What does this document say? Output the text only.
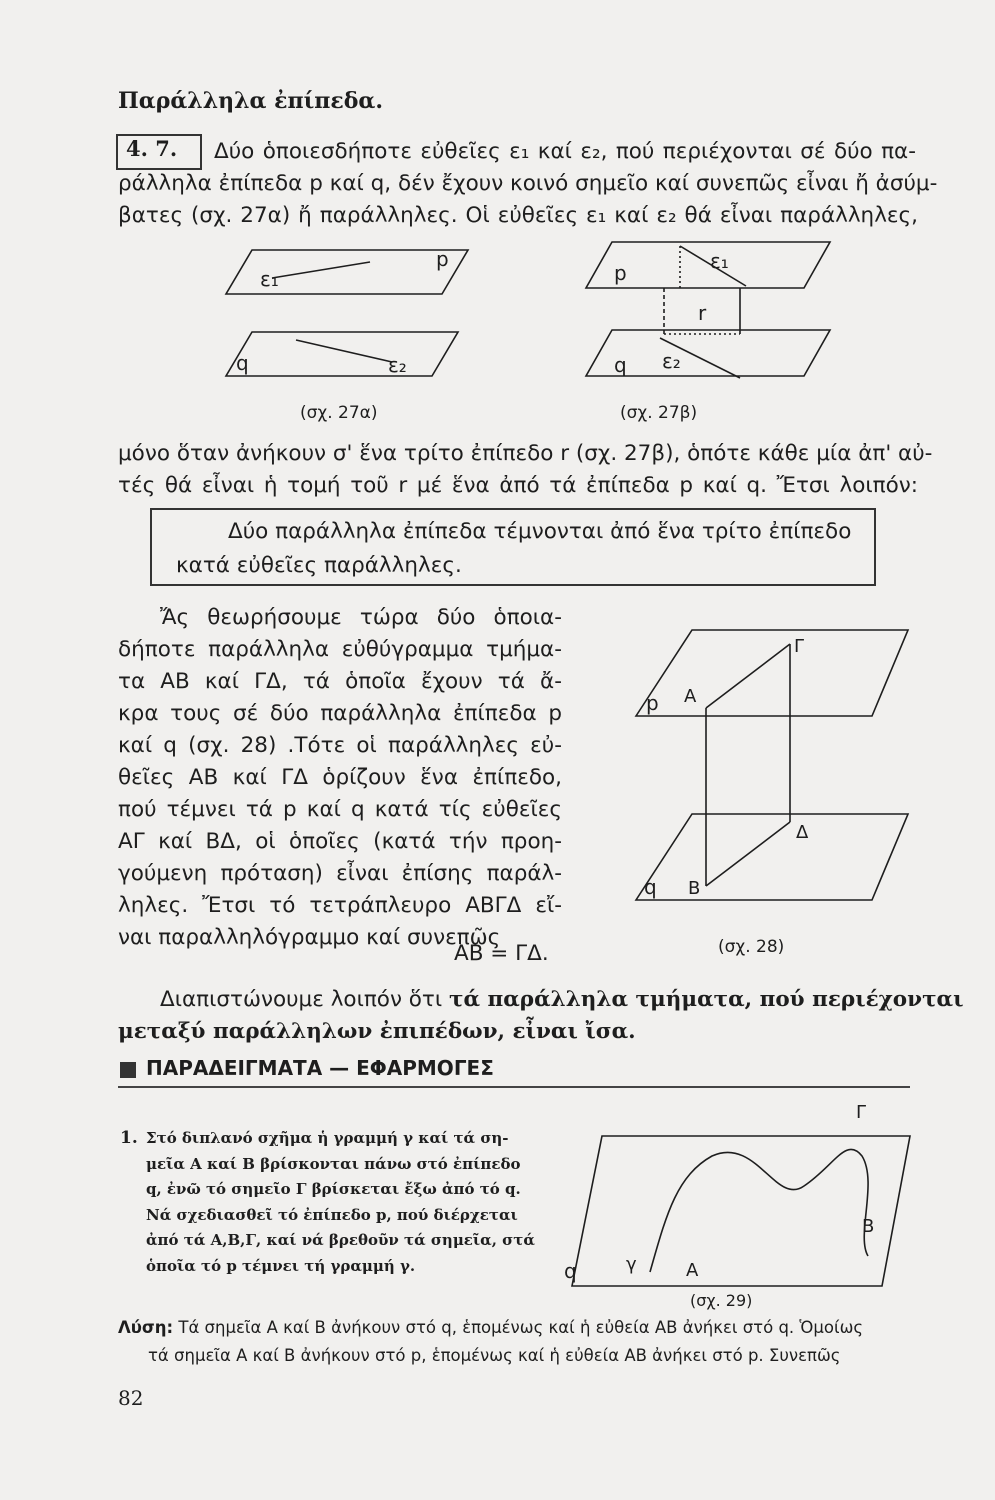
Παράλληλα ἐπίπεδα.
4. 7. Δύο ὁποιεσδήποτε εὐθεῖες ε₁ καί ε₂, πού περιέχονται σέ δύο πα-
ράλληλα ἐπίπεδα p καί q, δέν ἔχουν κοινό σημεῖο καί συνεπῶς εἶναι ἤ ἀσύμ-
βατες (σχ. 27α) ἤ παράλληλες. Οἱ εὐθεῖες ε₁ καί ε₂ θά εἶναι παράλληλες,
ε₁
p
ε₂
q
(σχ. 27α)
p	ε₁
r
q ε₂
(σχ. 27β)
μόνο ὅταν ἀνήκουν σ' ἕνα τρίτο ἐπίπεδο r (σχ. 27β), ὁπότε κάθε μία ἀπ' αὐ-
τές θά εἶναι ἡ τομή τοῦ r μέ ἕνα ἀπό τά ἐπίπεδα p καί q. Ἔτσι λοιπόν:
Δύο παράλληλα ἐπίπεδα τέμνονται ἀπό ἕνα τρίτο ἐπίπεδο
κατά εὐθεῖες παράλληλες.
Ἄς θεωρήσουμε τώρα δύο ὁποια-
δήποτε παράλληλα εὐθύγραμμα τμήμα-
τα ΑΒ καί ΓΔ, τά ὁποῖα ἔχουν τά ἄ-
κρα τους σέ δύο παράλληλα ἐπίπεδα p
καί q (σχ. 28) .Τότε οἱ παράλληλες εὐ-
θεῖες ΑΒ καί ΓΔ ὁρίζουν ἕνα ἐπίπεδο,
πού τέμνει τά p καί q κατά τίς εὐθεῖες
ΑΓ καί ΒΔ, οἱ ὁποῖες (κατά τήν προη-
γούμενη πρόταση) εἶναι ἐπίσης παράλ-
ληλες. Ἔτσι τό τετράπλευρο ΑΒΓΔ εἴ-
ναι παραλληλόγραμμο καί συνεπῶς
ΑΒ = ΓΔ.
p Α
Γ
Δ
Β
q
(σχ. 28)
Διαπιστώνουμε λοιπόν ὅτι τά παράλληλα τμήματα, πού περιέχονται
μεταξύ παράλληλων ἐπιπέδων, εἶναι ἴσα.
ΠΑΡΑΔΕΙΓΜΑΤΑ — ΕΦΑΡΜΟΓΕΣ
1. Στό διπλανό σχῆμα ἡ γραμμή γ καί τά ση-
μεῖα Α καί Β βρίσκονται πάνω στό ἐπίπεδο
q, ἐνῶ τό σημεῖο Γ βρίσκεται ἔξω ἀπό τό q.
Νά σχεδιασθεῖ τό ἐπίπεδο p, πού διέρχεται
ἀπό τά Α,Β,Γ, καί νά βρεθοῦν τά σημεῖα, στά
ὁποῖα τό p τέμνει τή γραμμή γ.
Γ
Β
γ	Α
q
(σχ. 29)
Λύση: Τά σημεῖα Α καί Β ἀνήκουν στό q, ἑπομένως καί ἡ εὐθεία ΑΒ ἀνήκει στό q. Ὁμοίως
τά σημεῖα Α καί Β ἀνήκουν στό p, ἑπομένως καί ἡ εὐθεία ΑΒ ἀνήκει στό p. Συνεπῶς
82
